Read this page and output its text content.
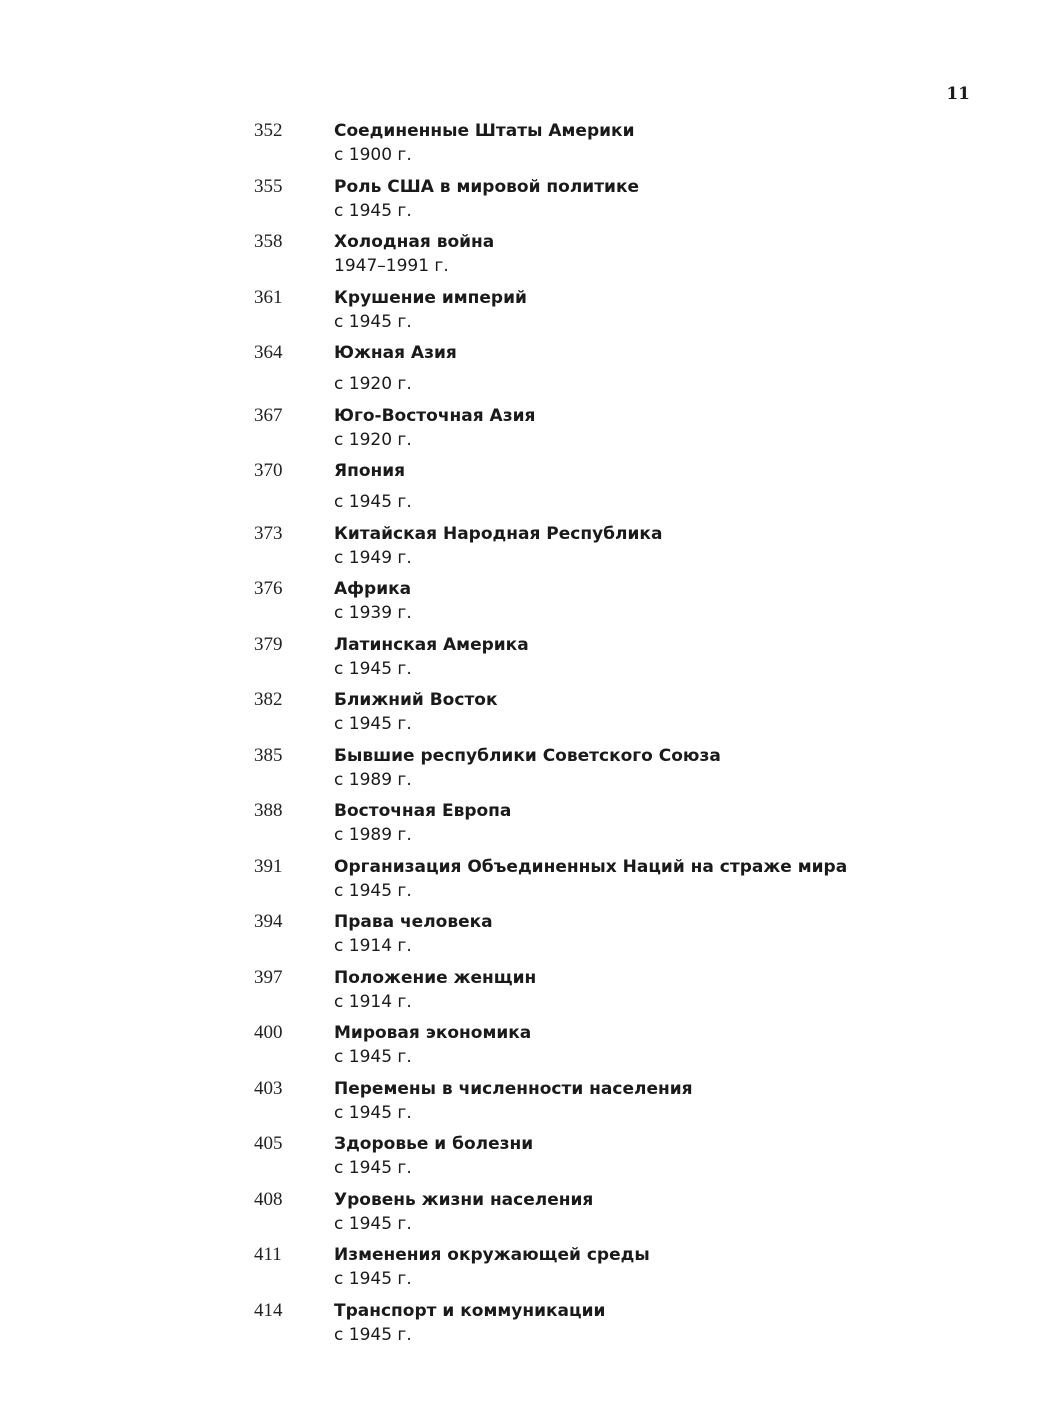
11
352	Соединенные Штаты Америки
с 1900 г.
355	Роль США в мировой политике
с 1945 г.
358	Холодная война
1947–1991 г.
361	Крушение империй
с 1945 г.
364	Южная Азия
с 1920 г.
367	Юго-Восточная Азия
с 1920 г.
370	Япония
с 1945 г.
373	Китайская Народная Республика
с 1949 г.
376	Африка
с 1939 г.
379	Латинская Америка
с 1945 г.
382	Ближний Восток
с 1945 г.
385	Бывшие республики Советского Союза
с 1989 г.
388	Восточная Европа
с 1989 г.
391	Организация Объединенных Наций на страже мира
с 1945 г.
394	Права человека
с 1914 г.
397	Положение женщин
с 1914 г.
400	Мировая экономика
с 1945 г.
403	Перемены в численности населения
с 1945 г.
405	Здоровье и болезни
с 1945 г.
408	Уровень жизни населения
с 1945 г.
411	Изменения окружающей среды
с 1945 г.
414	Транспорт и коммуникации
с 1945 г.
